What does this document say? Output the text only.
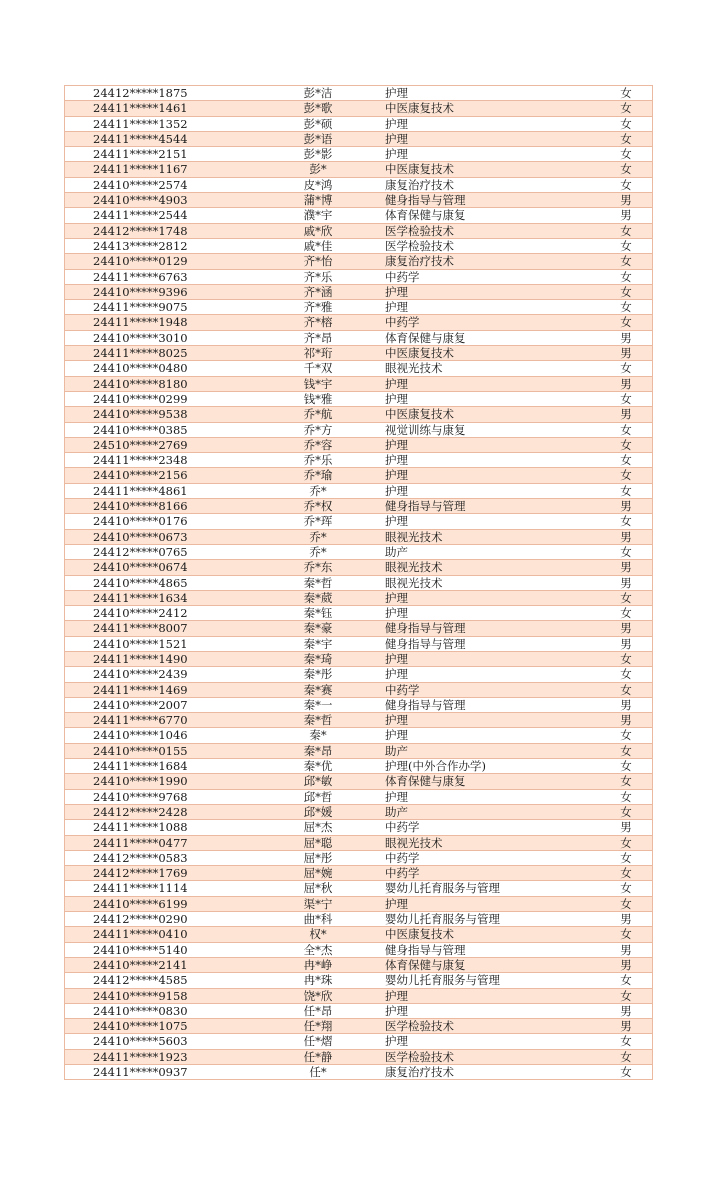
24412*****1875	彭*洁	护理	女
24411*****1461	彭*歌	中医康复技术	女
24411*****1352	彭*硕	护理	女
24411*****4544	彭*语	护理	女
24411*****2151	彭*影	护理	女
24411*****1167	彭*	中医康复技术	女
24410*****2574	皮*鸿	康复治疗技术	女
24410*****4903	蒲*博	健身指导与管理	男
24411*****2544	濮*宇	体育保健与康复	男
24412*****1748	戚*欣	医学检验技术	女
24413*****2812	戚*佳	医学检验技术	女
24410*****0129	齐*怡	康复治疗技术	女
24411*****6763	齐*乐	中药学	女
24410*****9396	齐*涵	护理	女
24411*****9075	齐*雅	护理	女
24411*****1948	齐*榕	中药学	女
24410*****3010	齐*昂	体育保健与康复	男
24411*****8025	祁*珩	中医康复技术	男
24410*****0480	千*双	眼视光技术	女
24410*****8180	钱*宇	护理	男
24410*****0299	钱*雅	护理	女
24410*****9538	乔*航	中医康复技术	男
24410*****0385	乔*方	视觉训练与康复	女
24510*****2769	乔*容	护理	女
24411*****2348	乔*乐	护理	女
24410*****2156	乔*瑜	护理	女
24411*****4861	乔*	护理	女
24410*****8166	乔*权	健身指导与管理	男
24410*****0176	乔*珲	护理	女
24410*****0673	乔*	眼视光技术	男
24412*****0765	乔*	助产	女
24410*****0674	乔*东	眼视光技术	男
24410*****4865	秦*哲	眼视光技术	男
24411*****1634	秦*葳	护理	女
24410*****2412	秦*钰	护理	女
24411*****8007	秦*豪	健身指导与管理	男
24410*****1521	秦*宇	健身指导与管理	男
24411*****1490	秦*琦	护理	女
24410*****2439	秦*彤	护理	女
24411*****1469	秦*赛	中药学	女
24410*****2007	秦*一	健身指导与管理	男
24411*****6770	秦*哲	护理	男
24410*****1046	秦*	护理	女
24410*****0155	秦*昂	助产	女
24411*****1684	秦*优	护理(中外合作办学)	女
24410*****1990	邱*敏	体育保健与康复	女
24410*****9768	邱*哲	护理	女
24412*****2428	邱*媛	助产	女
24411*****1088	屈*杰	中药学	男
24411*****0477	屈*聪	眼视光技术	女
24412*****0583	屈*彤	中药学	女
24412*****1769	屈*婉	中药学	女
24411*****1114	屈*秋	婴幼儿托育服务与管理	女
24410*****6199	渠*宁	护理	女
24412*****0290	曲*科	婴幼儿托育服务与管理	男
24411*****0410	权*	中医康复技术	女
24410*****5140	全*杰	健身指导与管理	男
24410*****2141	冉*峥	体育保健与康复	男
24412*****4585	冉*珠	婴幼儿托育服务与管理	女
24410*****9158	饶*欣	护理	女
24410*****0830	任*昂	护理	男
24410*****1075	任*翔	医学检验技术	男
24410*****5603	任*熠	护理	女
24411*****1923	任*静	医学检验技术	女
24411*****0937	任*	康复治疗技术	女
